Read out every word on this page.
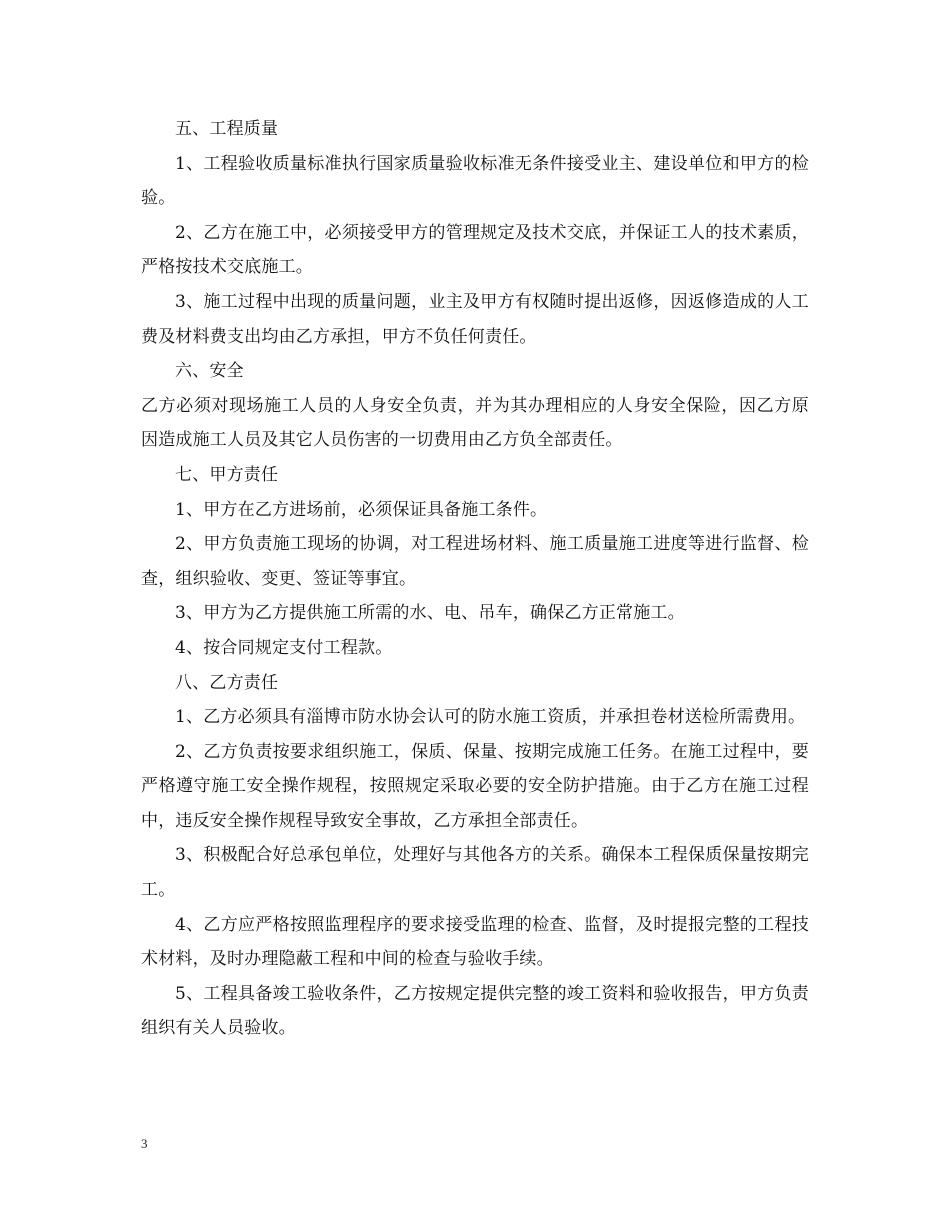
五、工程质量

1、工程验收质量标准执行国家质量验收标准无条件接受业主、建设单位和甲方的检验。

2、乙方在施工中，必须接受甲方的管理规定及技术交底，并保证工人的技术素质，严格按技术交底施工。

3、施工过程中出现的质量问题，业主及甲方有权随时提出返修，因返修造成的人工费及材料费支出均由乙方承担，甲方不负任何责任。

六、安全

乙方必须对现场施工人员的人身安全负责，并为其办理相应的人身安全保险，因乙方原因造成施工人员及其它人员伤害的一切费用由乙方负全部责任。

七、甲方责任

1、甲方在乙方进场前，必须保证具备施工条件。

2、甲方负责施工现场的协调，对工程进场材料、施工质量施工进度等进行监督、检查，组织验收、变更、签证等事宜。

3、甲方为乙方提供施工所需的水、电、吊车，确保乙方正常施工。

4、按合同规定支付工程款。

八、乙方责任

1、乙方必须具有淄博市防水协会认可的防水施工资质，并承担卷材送检所需费用。

2、乙方负责按要求组织施工，保质、保量、按期完成施工任务。在施工过程中，要严格遵守施工安全操作规程，按照规定采取必要的安全防护措施。由于乙方在施工过程中，违反安全操作规程导致安全事故，乙方承担全部责任。

3、积极配合好总承包单位，处理好与其他各方的关系。确保本工程保质保量按期完工。

4、乙方应严格按照监理程序的要求接受监理的检查、监督，及时提报完整的工程技术材料，及时办理隐蔽工程和中间的检查与验收手续。

5、工程具备竣工验收条件，乙方按规定提供完整的竣工资料和验收报告，甲方负责组织有关人员验收。

3
